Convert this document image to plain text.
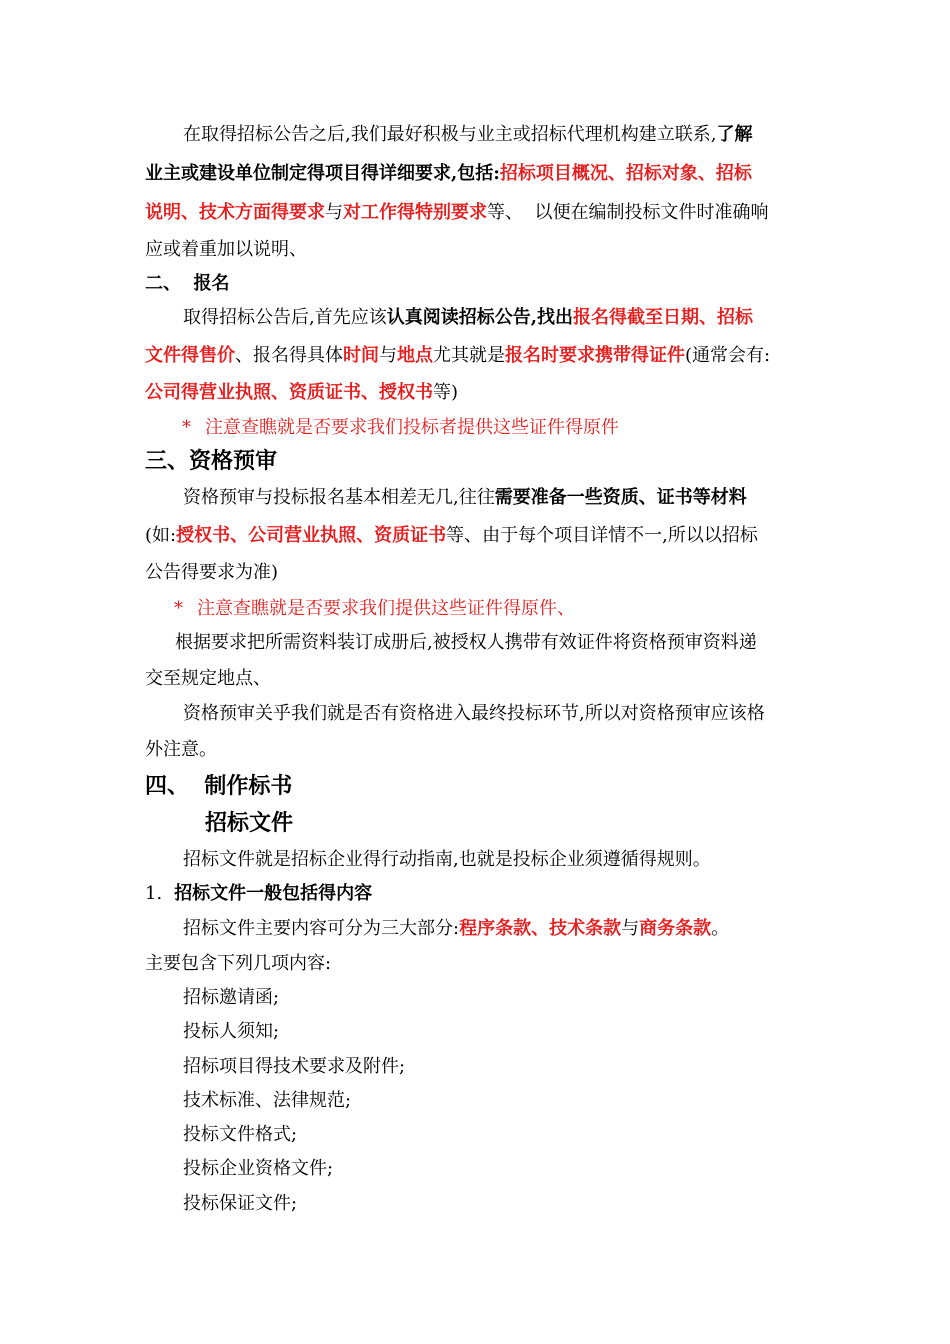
在取得招标公告之后,我们最好积极与业主或招标代理机构建立联系,了解
业主或建设单位制定得项目得详细要求,包括:招标项目概况、招标对象、招标
说明、技术方面得要求与对工作得特别要求等、  以便在编制投标文件时准确响
应或着重加以说明、
二、  报名
取得招标公告后,首先应该认真阅读招标公告,找出报名得截至日期、招标
文件得售价、报名得具体时间与地点尤其就是报名时要求携带得证件(通常会有:
公司得营业执照、资质证书、授权书等)
* 注意查瞧就是否要求我们投标者提供这些证件得原件
三、资格预审
资格预审与投标报名基本相差无几,往往需要准备一些资质、证书等材料
(如:授权书、公司营业执照、资质证书等、由于每个项目详情不一,所以以招标
公告得要求为准)
* 注意查瞧就是否要求我们提供这些证件得原件、
根据要求把所需资料装订成册后,被授权人携带有效证件将资格预审资料递
交至规定地点、
资格预审关乎我们就是否有资格进入最终投标环节,所以对资格预审应该格
外注意。
四、  制作标书
招标文件
招标文件就是招标企业得行动指南,也就是投标企业须遵循得规则。
1. 招标文件一般包括得内容
招标文件主要内容可分为三大部分:程序条款、技术条款与商务条款。
主要包含下列几项内容:
招标邀请函;
投标人须知;
招标项目得技术要求及附件;
技术标准、法律规范;
投标文件格式;
投标企业资格文件;
投标保证文件;
